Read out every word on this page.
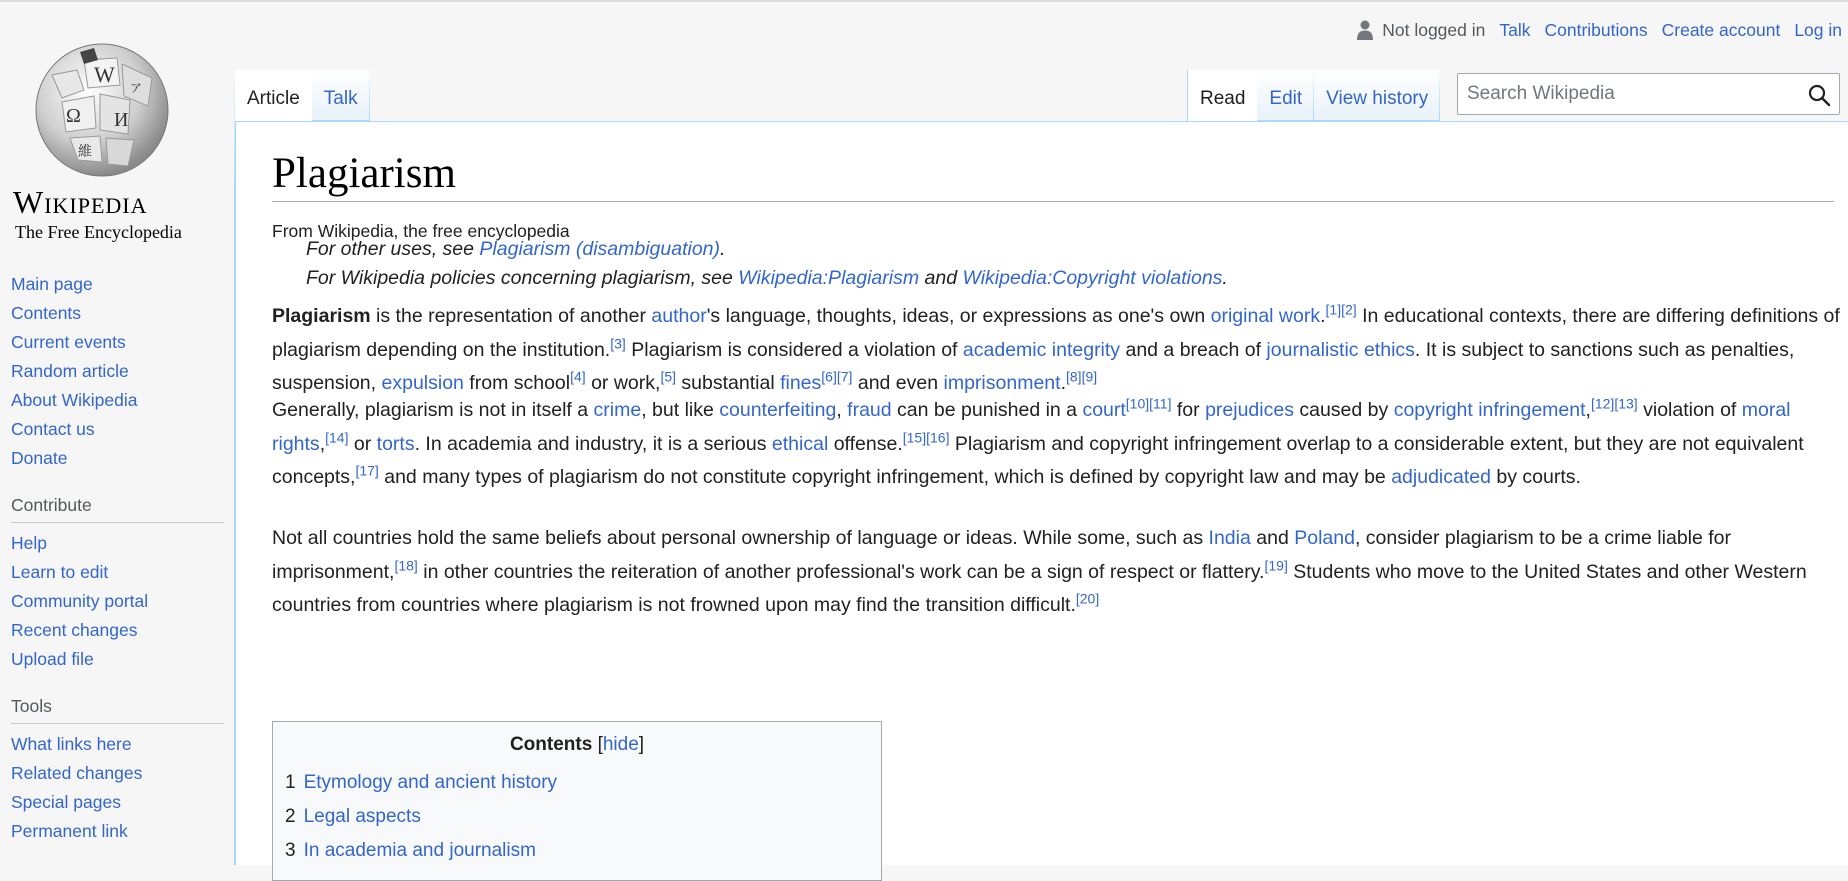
W
Ω И
維
ア
Wikipedia
The Free Encyclopedia
Main page
Contents
Current events
Random article
About Wikipedia
Contact us
Donate
Contribute
Help
Learn to edit
Community portal
Recent changes
Upload file
Tools
What links here
Related changes
Special pages
Permanent link
Not logged in Talk Contributions Create account Log in
Article	Talk	Read	Edit	View history
Search Wikipedia
Plagiarism
From Wikipedia, the free encyclopedia
For other uses, see Plagiarism (disambiguation).
For Wikipedia policies concerning plagiarism, see Wikipedia:Plagiarism and Wikipedia:Copyright violations.

Plagiarism is the representation of another author's language, thoughts, ideas, or expressions as one's own original work.[1][2] In educational contexts, there are differing definitions of plagiarism depending on the institution.[3] Plagiarism is considered a violation of academic integrity and a breach of journalistic ethics. It is subject to sanctions such as penalties, suspension, expulsion from school[4] or work,[5] substantial fines[6][7] and even imprisonment.[8][9]

Generally, plagiarism is not in itself a crime, but like counterfeiting, fraud can be punished in a court[10][11] for prejudices caused by copyright infringement,[12][13] violation of moral rights,[14] or torts. In academia and industry, it is a serious ethical offense.[15][16] Plagiarism and copyright infringement overlap to a considerable extent, but they are not equivalent concepts,[17] and many types of plagiarism do not constitute copyright infringement, which is defined by copyright law and may be adjudicated by courts.

Not all countries hold the same beliefs about personal ownership of language or ideas. While some, such as India and Poland, consider plagiarism to be a crime liable for imprisonment,[18] in other countries the reiteration of another professional's work can be a sign of respect or flattery.[19] Students who move to the United States and other Western countries from countries where plagiarism is not frowned upon may find the transition difficult.[20]

Contents [hide]
1 Etymology and ancient history
2 Legal aspects
3 In academia and journalism
